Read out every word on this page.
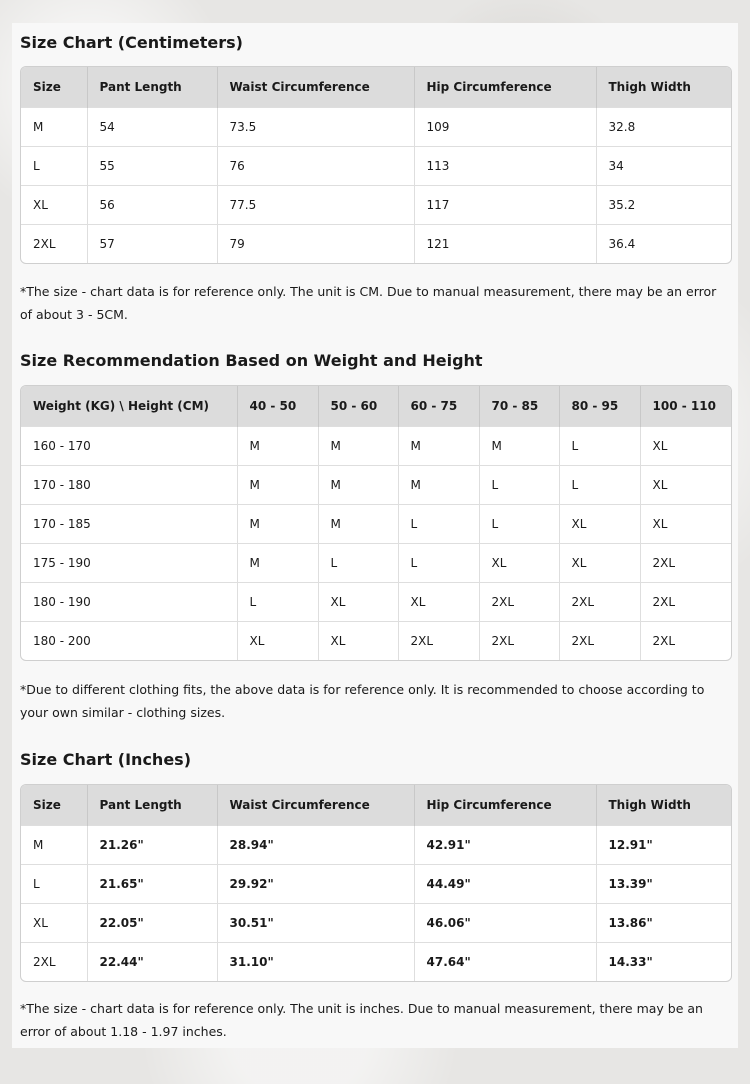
Size Chart (Centimeters)
Size	Pant Length	Waist Circumference	Hip Circumference	Thigh Width
M	54	73.5	109	32.8
L	55	76	113	34
XL	56	77.5	117	35.2
2XL	57	79	121	36.4

*The size - chart data is for reference only. The unit is CM. Due to manual measurement, there may be an error of about 3 - 5CM.

Size Recommendation Based on Weight and Height
Weight (KG) \ Height (CM)	40 - 50	50 - 60	60 - 75	70 - 85	80 - 95	100 - 110
160 - 170	M	M	M	M	L	XL
170 - 180	M	M	M	L	L	XL
170 - 185	M	M	L	L	XL	XL
175 - 190	M	L	L	XL	XL	2XL
180 - 190	L	XL	XL	2XL	2XL	2XL
180 - 200	XL	XL	2XL	2XL	2XL	2XL

*Due to different clothing fits, the above data is for reference only. It is recommended to choose according to your own similar - clothing sizes.

Size Chart (Inches)
Size	Pant Length	Waist Circumference	Hip Circumference	Thigh Width
M	21.26"	28.94"	42.91"	12.91"
L	21.65"	29.92"	44.49"	13.39"
XL	22.05"	30.51"	46.06"	13.86"
2XL	22.44"	31.10"	47.64"	14.33"

*The size - chart data is for reference only. The unit is inches. Due to manual measurement, there may be an error of about 1.18 - 1.97 inches.
